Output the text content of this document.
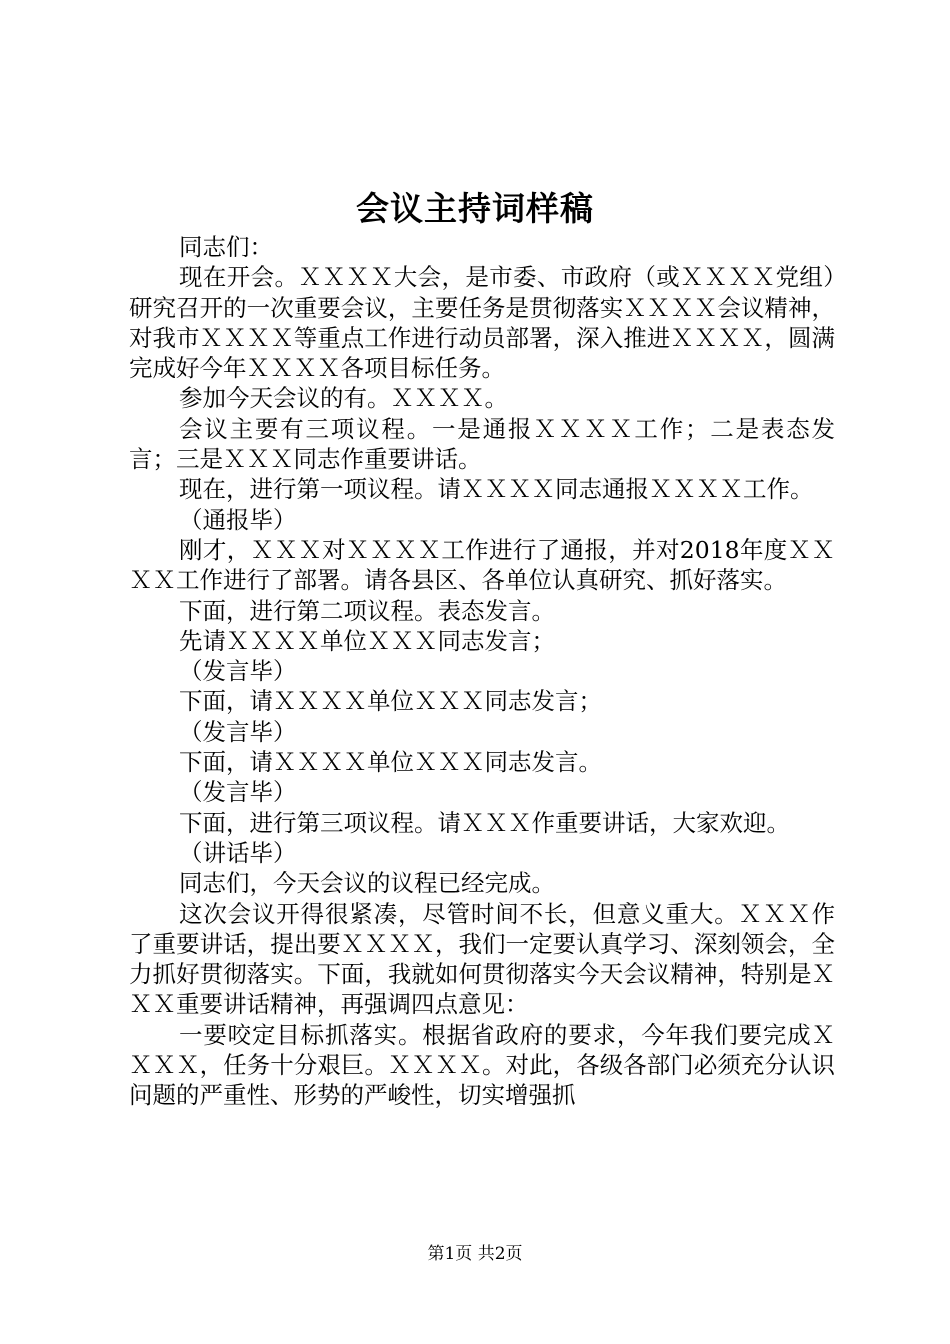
会议主持词样稿

同志们：

现在开会。ＸＸＸＸ大会，是市委、市政府（或ＸＸＸＸ党组）研究召开的一次重要会议，主要任务是贯彻落实ＸＸＸＸ会议精神，对我市ＸＸＸＸ等重点工作进行动员部署，深入推进ＸＸＸＸ，圆满完成好今年ＸＸＸＸ各项目标任务。

参加今天会议的有。ＸＸＸＸ。

会议主要有三项议程。一是通报ＸＸＸＸ工作；二是表态发言；三是ＸＸＸ同志作重要讲话。

现在，进行第一项议程。请ＸＸＸＸ同志通报ＸＸＸＸ工作。

（通报毕）

刚才，ＸＸＸ对ＸＸＸＸ工作进行了通报，并对2018年度ＸＸＸＸ工作进行了部署。请各县区、各单位认真研究、抓好落实。

下面，进行第二项议程。表态发言。

先请ＸＸＸＸ单位ＸＸＸ同志发言；

（发言毕）

下面，请ＸＸＸＸ单位ＸＸＸ同志发言；

（发言毕）

下面，请ＸＸＸＸ单位ＸＸＸ同志发言。

（发言毕）

下面，进行第三项议程。请ＸＸＸ作重要讲话，大家欢迎。

（讲话毕）

同志们，今天会议的议程已经完成。

这次会议开得很紧凑，尽管时间不长，但意义重大。ＸＸＸ作了重要讲话，提出要ＸＸＸＸ，我们一定要认真学习、深刻领会，全力抓好贯彻落实。下面，我就如何贯彻落实今天会议精神，特别是ＸＸＸ重要讲话精神，再强调四点意见：

一要咬定目标抓落实。根据省政府的要求，今年我们要完成ＸＸＸＸ，任务十分艰巨。ＸＸＸＸ。对此，各级各部门必须充分认识问题的严重性、形势的严峻性，切实增强抓

第1页 共2页
